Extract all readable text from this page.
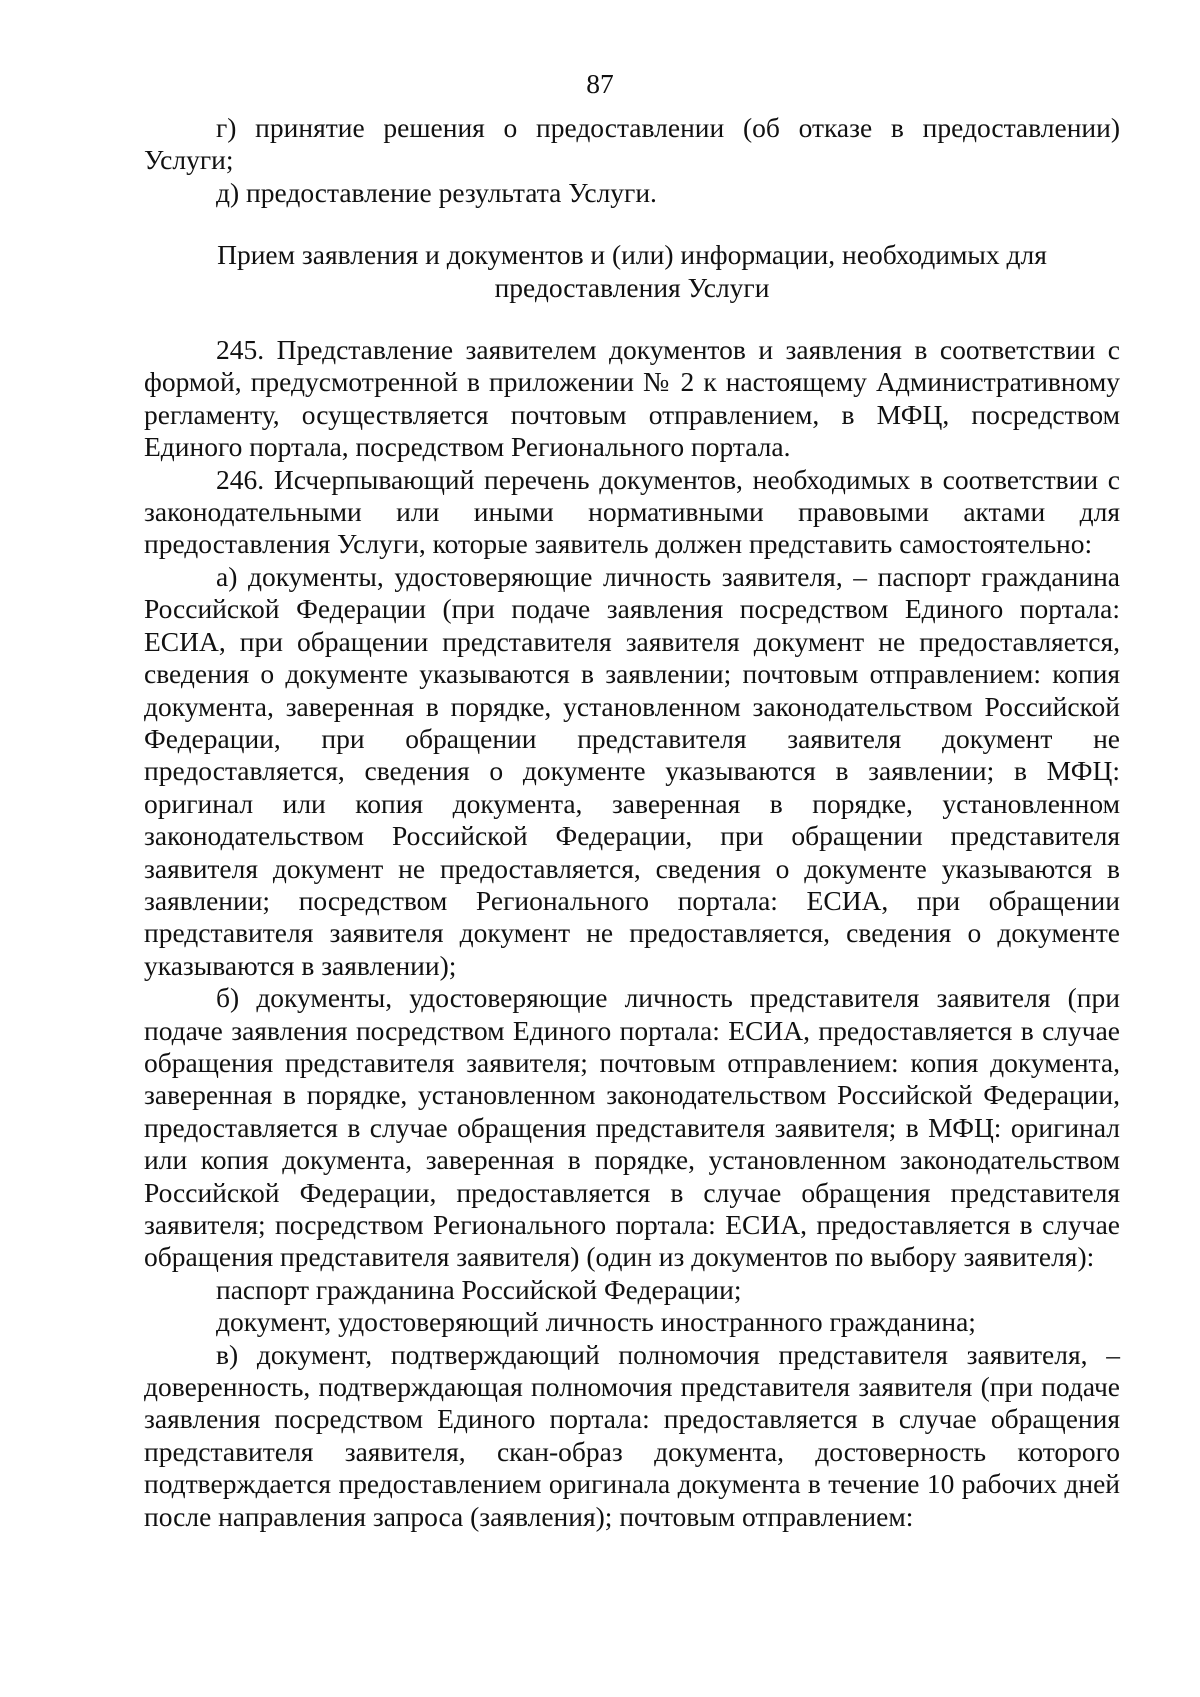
87

г) принятие решения о предоставлении (об отказе в предоставлении) Услуги;

д) предоставление результата Услуги.

Прием заявления и документов и (или) информации, необходимых для
предоставления Услуги

245. Представление заявителем документов и заявления в соответствии с формой, предусмотренной в приложении № 2 к настоящему Административному регламенту, осуществляется почтовым отправлением, в МФЦ, посредством Единого портала, посредством Регионального портала.

246. Исчерпывающий перечень документов, необходимых в соответствии с законодательными или иными нормативными правовыми актами для предоставления Услуги, которые заявитель должен представить самостоятельно:

а) документы, удостоверяющие личность заявителя, – паспорт гражданина Российской Федерации (при подаче заявления посредством Единого портала: ЕСИА, при обращении представителя заявителя документ не предоставляется, сведения о документе указываются в заявлении; почтовым отправлением: копия документа, заверенная в порядке, установленном законодательством Российской Федерации, при обращении представителя заявителя документ не предоставляется, сведения о документе указываются в заявлении; в МФЦ: оригинал или копия документа, заверенная в порядке, установленном законодательством Российской Федерации, при обращении представителя заявителя документ не предоставляется, сведения о документе указываются в заявлении; посредством Регионального портала: ЕСИА, при обращении представителя заявителя документ не предоставляется, сведения о документе указываются в заявлении);

б) документы, удостоверяющие личность представителя заявителя (при подаче заявления посредством Единого портала: ЕСИА, предоставляется в случае обращения представителя заявителя; почтовым отправлением: копия документа, заверенная в порядке, установленном законодательством Российской Федерации, предоставляется в случае обращения представителя заявителя; в МФЦ: оригинал или копия документа, заверенная в порядке, установленном законодательством Российской Федерации, предоставляется в случае обращения представителя заявителя; посредством Регионального портала: ЕСИА, предоставляется в случае обращения представителя заявителя) (один из документов по выбору заявителя):

паспорт гражданина Российской Федерации;

документ, удостоверяющий личность иностранного гражданина;

в) документ, подтверждающий полномочия представителя заявителя, – доверенность, подтверждающая полномочия представителя заявителя (при подаче заявления посредством Единого портала: предоставляется в случае обращения представителя заявителя, скан-образ документа, достоверность которого подтверждается предоставлением оригинала документа в течение 10 рабочих дней после направления запроса (заявления); почтовым отправлением:
